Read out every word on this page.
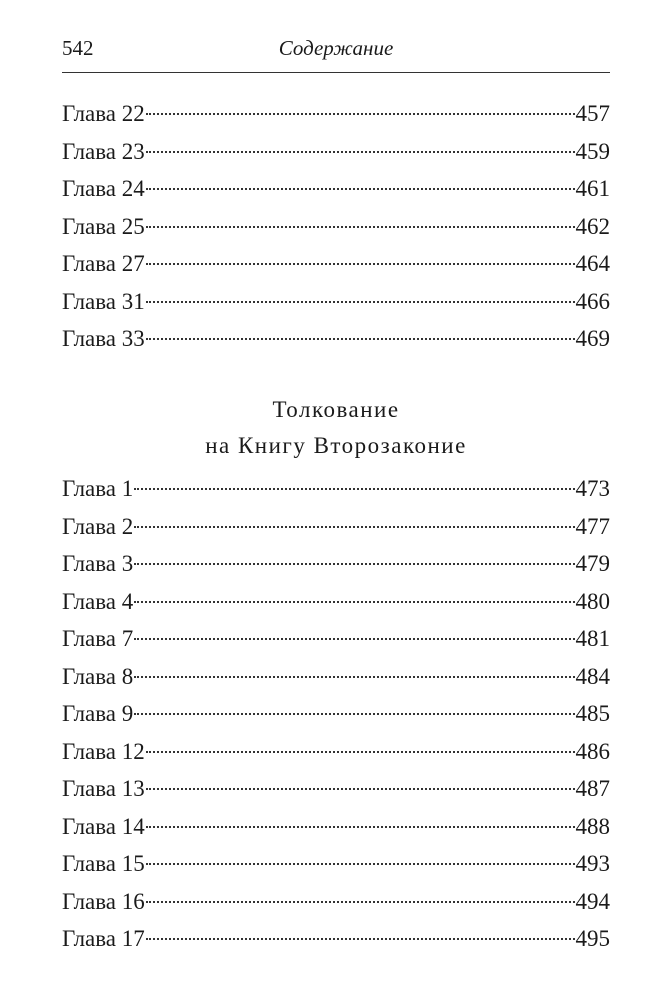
542	Содержание
Глава 22	457
Глава 23	459
Глава 24	461
Глава 25	462
Глава 27	464
Глава 31	466
Глава 33	469
Толкование
на Книгу Второзаконие
Глава 1	473
Глава 2	477
Глава 3	479
Глава 4	480
Глава 7	481
Глава 8	484
Глава 9	485
Глава 12	486
Глава 13	487
Глава 14	488
Глава 15	493
Глава 16	494
Глава 17	495
